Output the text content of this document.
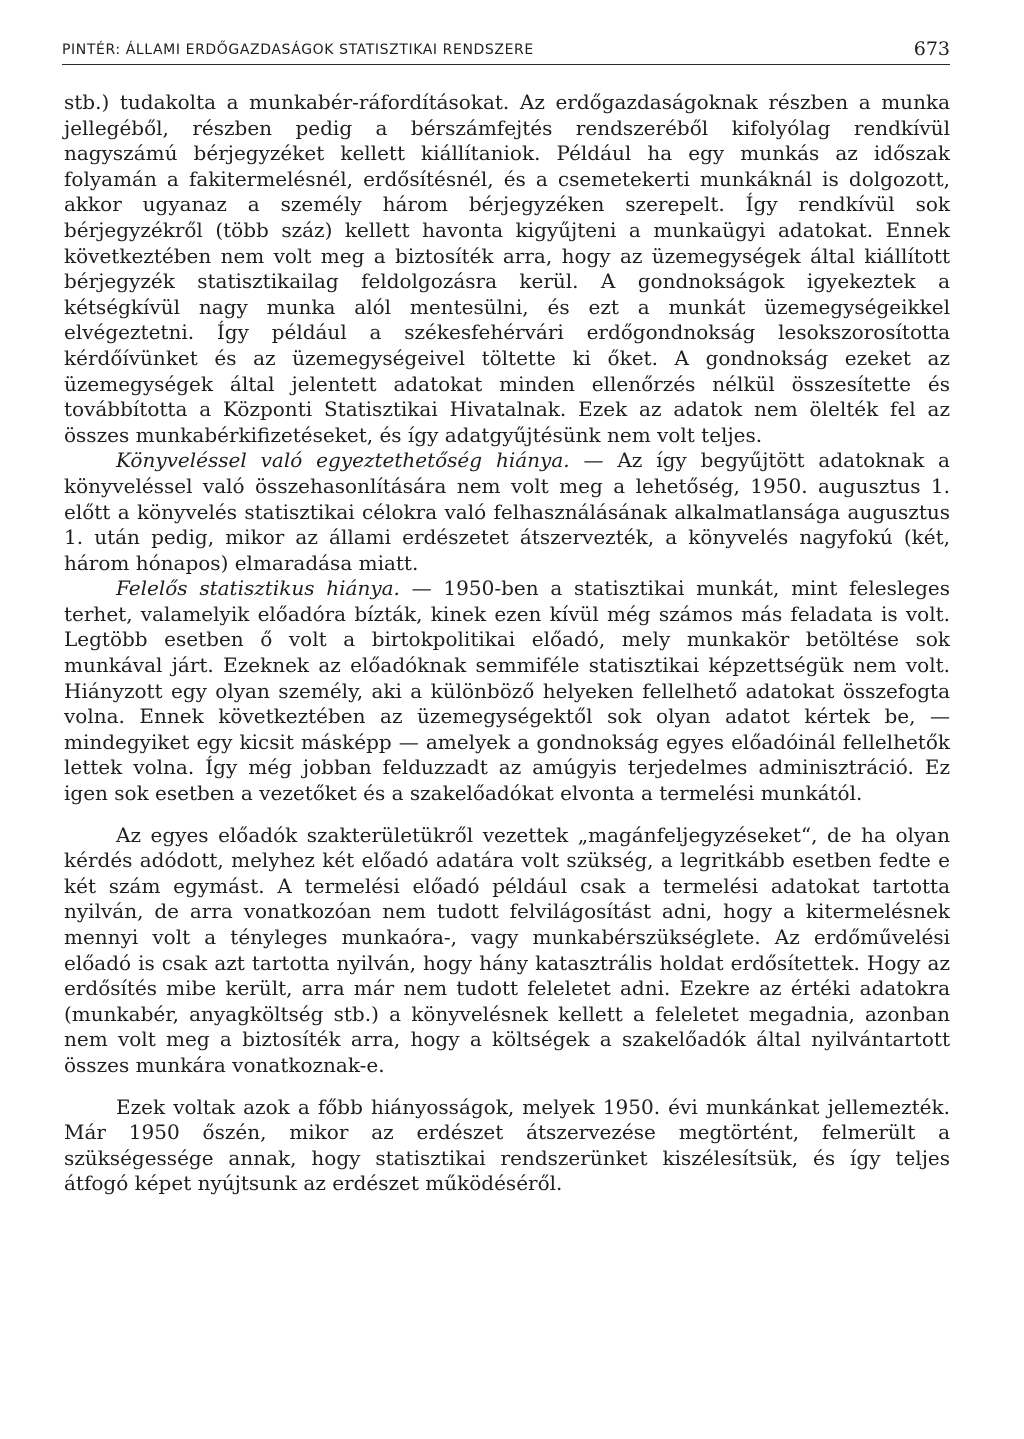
PINTÉR: ÁLLAMI ERDŐGAZDASÁGOK STATISZTIKAI RENDSZERE	673

stb.) tudakolta a munkabér-ráfordításokat. Az erdőgazdaságoknak részben a munka jellegéből, részben pedig a bérszámfejtés rendszeréből kifolyólag rendkívül nagyszámú bérjegyzéket kellett kiállítaniok. Például ha egy munkás az időszak folyamán a fakitermelésnél, erdősítésnél, és a csemetekerti munkáknál is dolgozott, akkor ugyanaz a személy három bérjegyzéken szerepelt. Így rendkívül sok bérjegyzékről (több száz) kellett havonta kigyűjteni a munkaügyi adatokat. Ennek következtében nem volt meg a biztosíték arra, hogy az üzemegységek által kiállított bérjegyzék statisztikailag feldolgozásra kerül. A gondnokságok igyekeztek a kétségkívül nagy munka alól mentesülni, és ezt a munkát üzemegységeikkel elvégeztetni. Így például a székesfehérvári erdőgondnokság lesokszorosította kérdőívünket és az üzemegységeivel töltette ki őket. A gondnokság ezeket az üzemegységek által jelentett adatokat minden ellenőrzés nélkül összesítette és továbbította a Központi Statisztikai Hivatalnak. Ezek az adatok nem ölelték fel az összes munkabérkifizetéseket, és így adatgyűjtésünk nem volt teljes.

Könyveléssel való egyeztethetőség hiánya. — Az így begyűjtött adatoknak a könyveléssel való összehasonlítására nem volt meg a lehetőség, 1950. augusztus 1. előtt a könyvelés statisztikai célokra való felhasználásának alkalmatlansága augusztus 1. után pedig, mikor az állami erdészetet átszervezték, a könyvelés nagyfokú (két, három hónapos) elmaradása miatt.

Felelős statisztikus hiánya. — 1950-ben a statisztikai munkát, mint felesleges terhet, valamelyik előadóra bízták, kinek ezen kívül még számos más feladata is volt. Legtöbb esetben ő volt a birtokpolitikai előadó, mely munkakör betöltése sok munkával járt. Ezeknek az előadóknak semmiféle statisztikai képzettségük nem volt. Hiányzott egy olyan személy, aki a különböző helyeken fellelhető adatokat összefogta volna. Ennek következtében az üzemegységektől sok olyan adatot kértek be, — mindegyiket egy kicsit másképp — amelyek a gondnokság egyes előadóinál fellelhetők lettek volna. Így még jobban felduzzadt az amúgyis terjedelmes adminisztráció. Ez igen sok esetben a vezetőket és a szakelőadókat elvonta a termelési munkától.

Az egyes előadók szakterületükről vezettek „magánfeljegyzéseket“, de ha olyan kérdés adódott, melyhez két előadó adatára volt szükség, a legritkább esetben fedte e két szám egymást. A termelési előadó például csak a termelési adatokat tartotta nyilván, de arra vonatkozóan nem tudott felvilágosítást adni, hogy a kitermelésnek mennyi volt a tényleges munkaóra-, vagy munkabérszükséglete. Az erdőművelési előadó is csak azt tartotta nyilván, hogy hány katasztrális holdat erdősítettek. Hogy az erdősítés mibe került, arra már nem tudott feleletet adni. Ezekre az értéki adatokra (munkabér, anyagköltség stb.) a könyvelésnek kellett a feleletet megadnia, azonban nem volt meg a biztosíték arra, hogy a költségek a szakelőadók által nyilvántartott összes munkára vonatkoznak-e.

Ezek voltak azok a főbb hiányosságok, melyek 1950. évi munkánkat jellemezték. Már 1950 őszén, mikor az erdészet átszervezése megtörtént, felmerült a szükségessége annak, hogy statisztikai rendszerünket kiszélesítsük, és így teljes átfogó képet nyújtsunk az erdészet működéséről.
